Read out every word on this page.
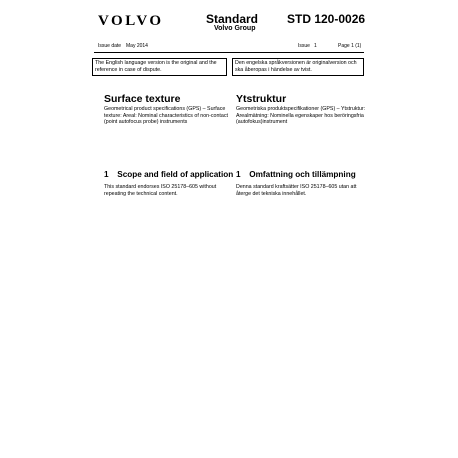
VOLVO	Standard
Volvo Group
STD 120-0026
Issue date May 2014	Issue 1	Page 1 (1)
The English language version is the original and the reference in case of dispute.
Den engelska språkversionen är originalversion och ska åberopas i händelse av tvist.
Surface texture	Ytstruktur
Geometrical product specifications (GPS) – Surface texture: Areal: Nominal characteristics of non-contact (point autofocus probe) instruments
Geometriska produktspecifikationer (GPS) – Ytstruktur: Arealmätning: Nominella egenskaper hos beröringsfria (autofokus)instrument
1 Scope and field of application 1 Omfattning och tillämpning
This standard endorses ISO 25178–605 without repeating the technical content.
Denna standard kraftsätter ISO 25178–605 utan att återge det tekniska innehållet.
